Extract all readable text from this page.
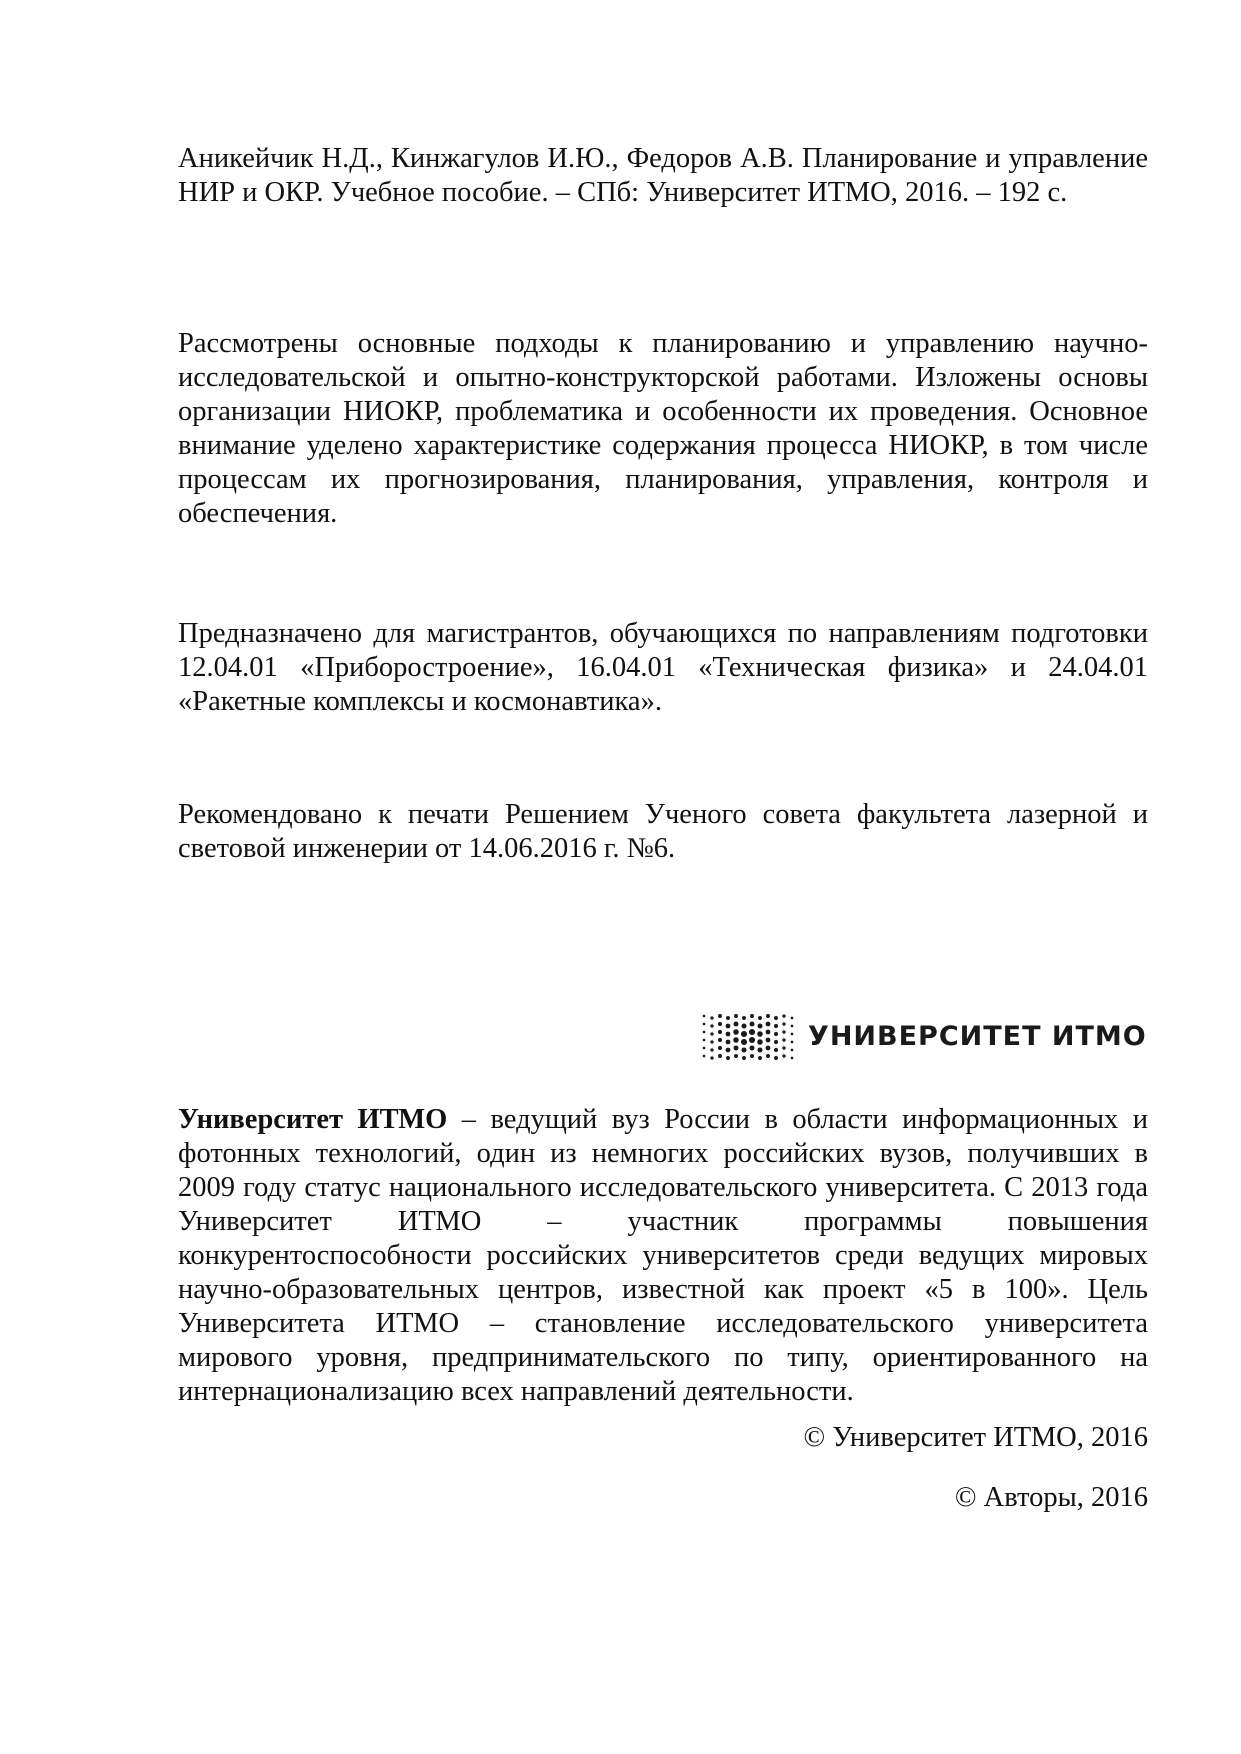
Аникейчик Н.Д., Кинжагулов И.Ю., Федоров А.В. Планирование и управление НИР и ОКР. Учебное пособие. – СПб: Университет ИТМО, 2016. – 192 с.

Рассмотрены основные подходы к планированию и управлению научно-исследовательской и опытно-конструкторской работами. Изложены основы организации НИОКР, проблематика и особенности их проведения. Основное внимание уделено характеристике содержания процесса НИОКР, в том числе процессам их прогнозирования, планирования, управления, контроля и обеспечения.

Предназначено для магистрантов, обучающихся по направлениям подготовки 12.04.01 «Приборостроение», 16.04.01 «Техническая физика» и 24.04.01 «Ракетные комплексы и космонавтика».

Рекомендовано к печати Решением Ученого совета факультета лазерной и световой инженерии от 14.06.2016 г. №6.

УНИВЕРСИТЕТ ИТМО

Университет ИТМО – ведущий вуз России в области информационных и фотонных технологий, один из немногих российских вузов, получивших в 2009 году статус национального исследовательского университета. С 2013 года Университет ИТМО – участник программы повышения конкурентоспособности российских университетов среди ведущих мировых научно-образовательных центров, известной как проект «5 в 100». Цель Университета ИТМО – становление исследовательского университета мирового уровня, предпринимательского по типу, ориентированного на интернационализацию всех направлений деятельности.

© Университет ИТМО, 2016

© Авторы, 2016
